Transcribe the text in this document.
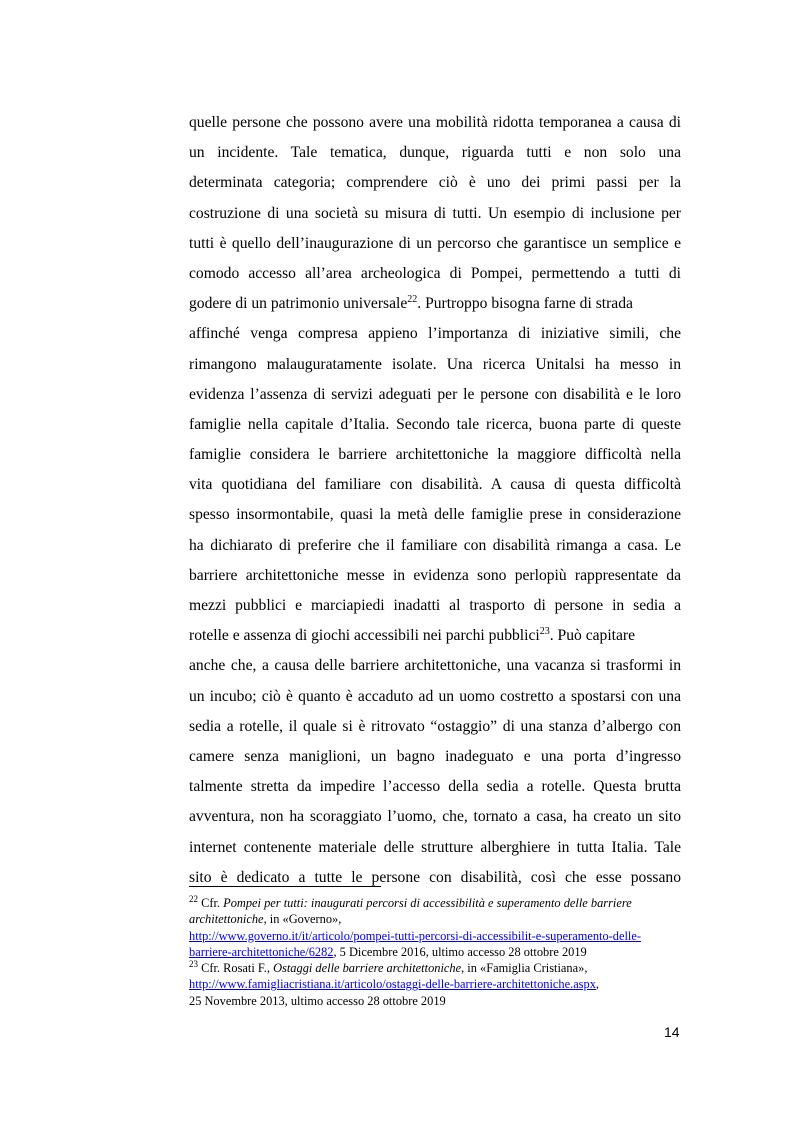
quelle persone che possono avere una mobilità ridotta temporanea a causa di
un incidente. Tale tematica, dunque, riguarda tutti e non solo una
determinata categoria; comprendere ciò è uno dei primi passi per la
costruzione di una società su misura di tutti. Un esempio di inclusione per
tutti è quello dell’inaugurazione di un percorso che garantisce un semplice e
comodo accesso all’area archeologica di Pompei, permettendo a tutti di
godere di un patrimonio universale$^{22}$. Purtroppo bisogna farne di strada
affinché venga compresa appieno l’importanza di iniziative simili, che
rimangono malauguratamente isolate. Una ricerca Unitalsi ha messo in
evidenza l’assenza di servizi adeguati per le persone con disabilità e le loro
famiglie nella capitale d’Italia. Secondo tale ricerca, buona parte di queste
famiglie considera le barriere architettoniche la maggiore difficoltà nella
vita quotidiana del familiare con disabilità. A causa di questa difficoltà
spesso insormontabile, quasi la metà delle famiglie prese in considerazione
ha dichiarato di preferire che il familiare con disabilità rimanga a casa. Le
barriere architettoniche messe in evidenza sono perlopiù rappresentate da
mezzi pubblici e marciapiedi inadatti al trasporto di persone in sedia a
rotelle e assenza di giochi accessibili nei parchi pubblici$^{23}$. Può capitare
anche che, a causa delle barriere architettoniche, una vacanza si trasformi in
un incubo; ciò è quanto è accaduto ad un uomo costretto a spostarsi con una
sedia a rotelle, il quale si è ritrovato “ostaggio” di una stanza d’albergo con
camere senza maniglioni, un bagno inadeguato e una porta d’ingresso
talmente stretta da impedire l’accesso della sedia a rotelle. Questa brutta
avventura, non ha scoraggiato l’uomo, che, tornato a casa, ha creato un sito
internet contenente materiale delle strutture alberghiere in tutta Italia. Tale
sito è dedicato a tutte le persone con disabilità, così che esse possano
$^{22}$ Cfr. Pompei per tutti: inaugurati percorsi di accessibilità e superamento delle barriere
architettoniche, in «Governo»,
http://www.governo.it/it/articolo/pompei-tutti-percorsi-di-accessibilit-e-superamento-delle-
barriere-architettoniche/6282, 5 Dicembre 2016, ultimo accesso 28 ottobre 2019
$^{23}$ Cfr. Rosati F., Ostaggi delle barriere architettoniche, in «Famiglia Cristiana»,
http://www.famigliacristiana.it/articolo/ostaggi-delle-barriere-architettoniche.aspx,
25 Novembre 2013, ultimo accesso 28 ottobre 2019
14
